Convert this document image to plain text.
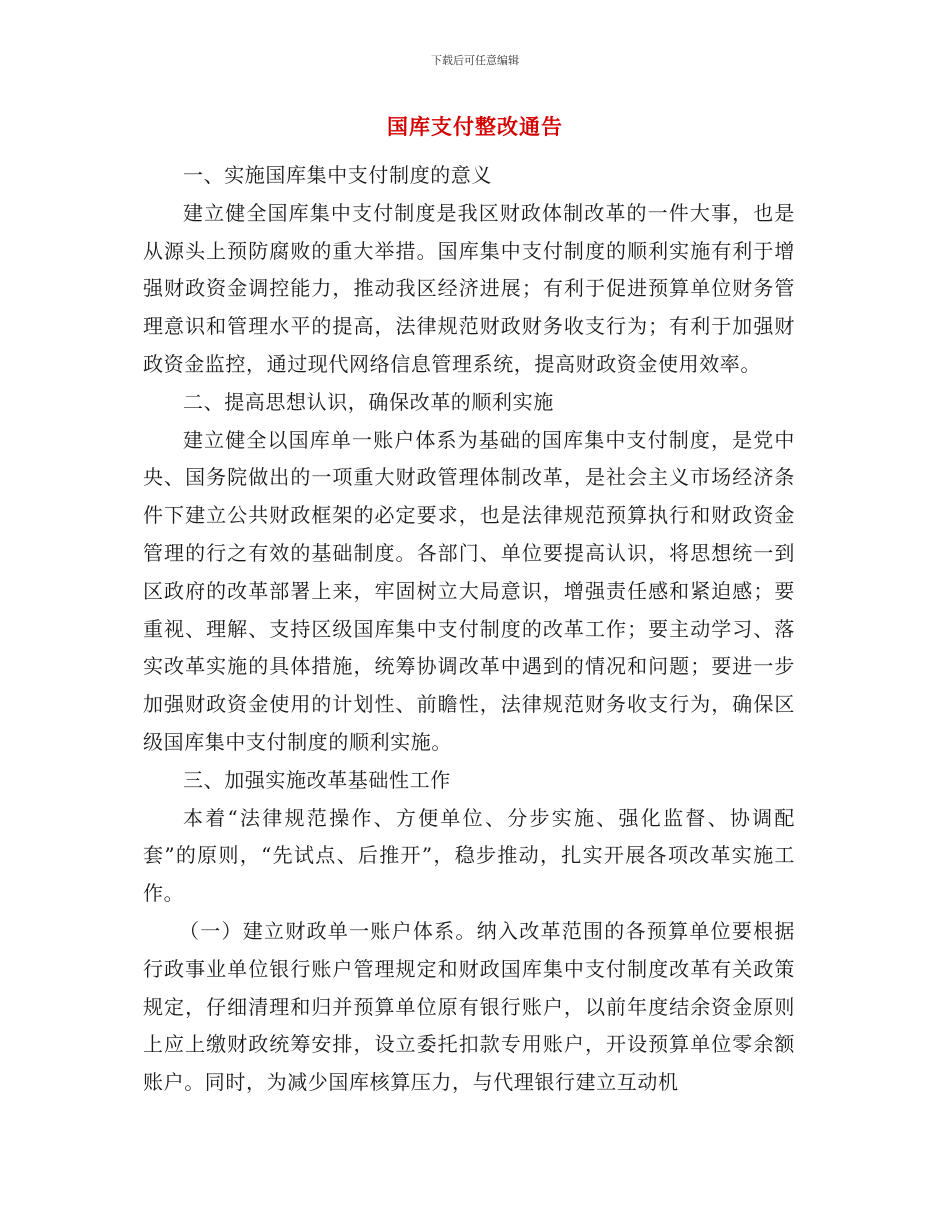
下载后可任意编辑
国库支付整改通告

一、实施国库集中支付制度的意义

建立健全国库集中支付制度是我区财政体制改革的一件大事，也是从源头上预防腐败的重大举措。国库集中支付制度的顺利实施有利于增强财政资金调控能力，推动我区经济进展；有利于促进预算单位财务管理意识和管理水平的提高，法律规范财政财务收支行为；有利于加强财政资金监控，通过现代网络信息管理系统，提高财政资金使用效率。

二、提高思想认识，确保改革的顺利实施

建立健全以国库单一账户体系为基础的国库集中支付制度，是党中央、国务院做出的一项重大财政管理体制改革，是社会主义市场经济条件下建立公共财政框架的必定要求，也是法律规范预算执行和财政资金管理的行之有效的基础制度。各部门、单位要提高认识，将思想统一到区政府的改革部署上来，牢固树立大局意识，增强责任感和紧迫感；要重视、理解、支持区级国库集中支付制度的改革工作；要主动学习、落实改革实施的具体措施，统筹协调改革中遇到的情况和问题；要进一步加强财政资金使用的计划性、前瞻性，法律规范财务收支行为，确保区级国库集中支付制度的顺利实施。

三、加强实施改革基础性工作

本着“法律规范操作、方便单位、分步实施、强化监督、协调配套”的原则，“先试点、后推开”，稳步推动，扎实开展各项改革实施工作。

（一）建立财政单一账户体系。纳入改革范围的各预算单位要根据行政事业单位银行账户管理规定和财政国库集中支付制度改革有关政策规定，仔细清理和归并预算单位原有银行账户，以前年度结余资金原则上应上缴财政统筹安排，设立委托扣款专用账户，开设预算单位零余额账户。同时，为减少国库核算压力，与代理银行建立互动机
